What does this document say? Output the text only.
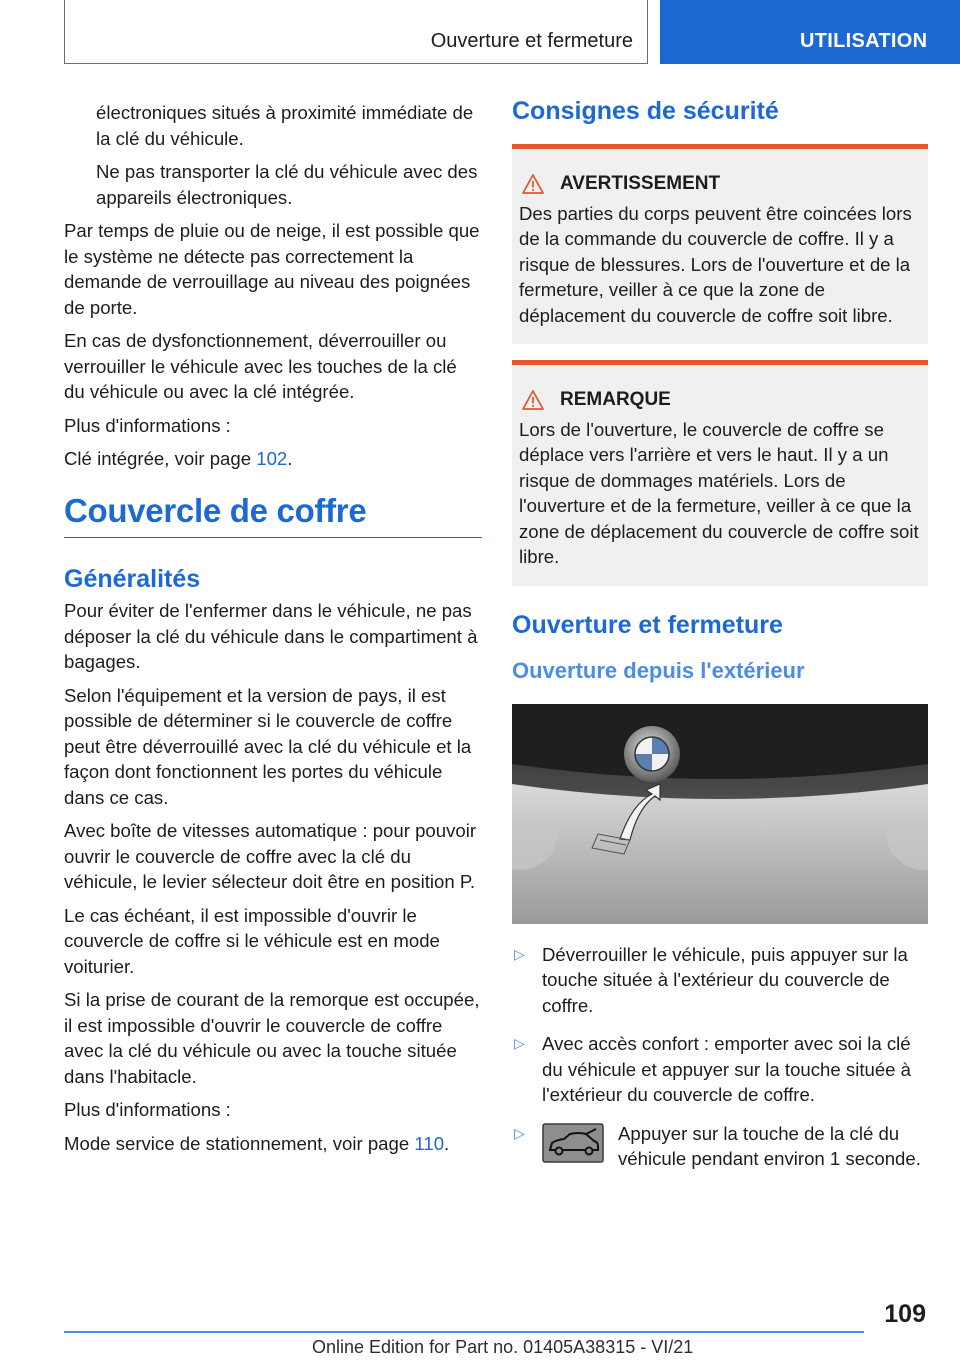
Ouverture et fermeture	UTILISATION

électroniques situés à proximité immédiate de la clé du véhicule.

Ne pas transporter la clé du véhicule avec des appareils électroniques.

Par temps de pluie ou de neige, il est possible que le système ne détecte pas correctement la demande de verrouillage au niveau des poignées de porte.

En cas de dysfonctionnement, déverrouiller ou verrouiller le véhicule avec les touches de la clé du véhicule ou avec la clé intégrée.

Plus d'informations :

Clé intégrée, voir page 102.

Couvercle de coffre
Généralités

Pour éviter de l'enfermer dans le véhicule, ne pas déposer la clé du véhicule dans le compartiment à bagages.

Selon l'équipement et la version de pays, il est possible de déterminer si le couvercle de coffre peut être déverrouillé avec la clé du véhicule et la façon dont fonctionnent les portes du véhicule dans ce cas.

Avec boîte de vitesses automatique : pour pouvoir ouvrir le couvercle de coffre avec la clé du véhicule, le levier sélecteur doit être en position P.

Le cas échéant, il est impossible d'ouvrir le couvercle de coffre si le véhicule est en mode voiturier.

Si la prise de courant de la remorque est occupée, il est impossible d'ouvrir le couvercle de coffre avec la clé du véhicule ou avec la touche située dans l'habitacle.

Plus d'informations :

Mode service de stationnement, voir page 110.

Consignes de sécurité
AVERTISSEMENT

Des parties du corps peuvent être coincées lors de la commande du couvercle de coffre. Il y a risque de blessures. Lors de l'ouverture et de la fermeture, veiller à ce que la zone de déplacement du couvercle de coffre soit libre.

REMARQUE

Lors de l'ouverture, le couvercle de coffre se déplace vers l'arrière et vers le haut. Il y a un risque de dommages matériels. Lors de l'ouverture et de la fermeture, veiller à ce que la zone de déplacement du couvercle de coffre soit libre.

Ouverture et fermeture
Ouverture depuis l'extérieur
▷ Déverrouiller le véhicule, puis appuyer sur la touche située à l'extérieur du couvercle de coffre.
▷ Avec accès confort : emporter avec soi la clé du véhicule et appuyer sur la touche située à l'extérieur du couvercle de coffre.
▷	Appuyer sur la touche de la clé du véhicule pendant environ 1 seconde.
109
Online Edition for Part no. 01405A38315 - VI/21
